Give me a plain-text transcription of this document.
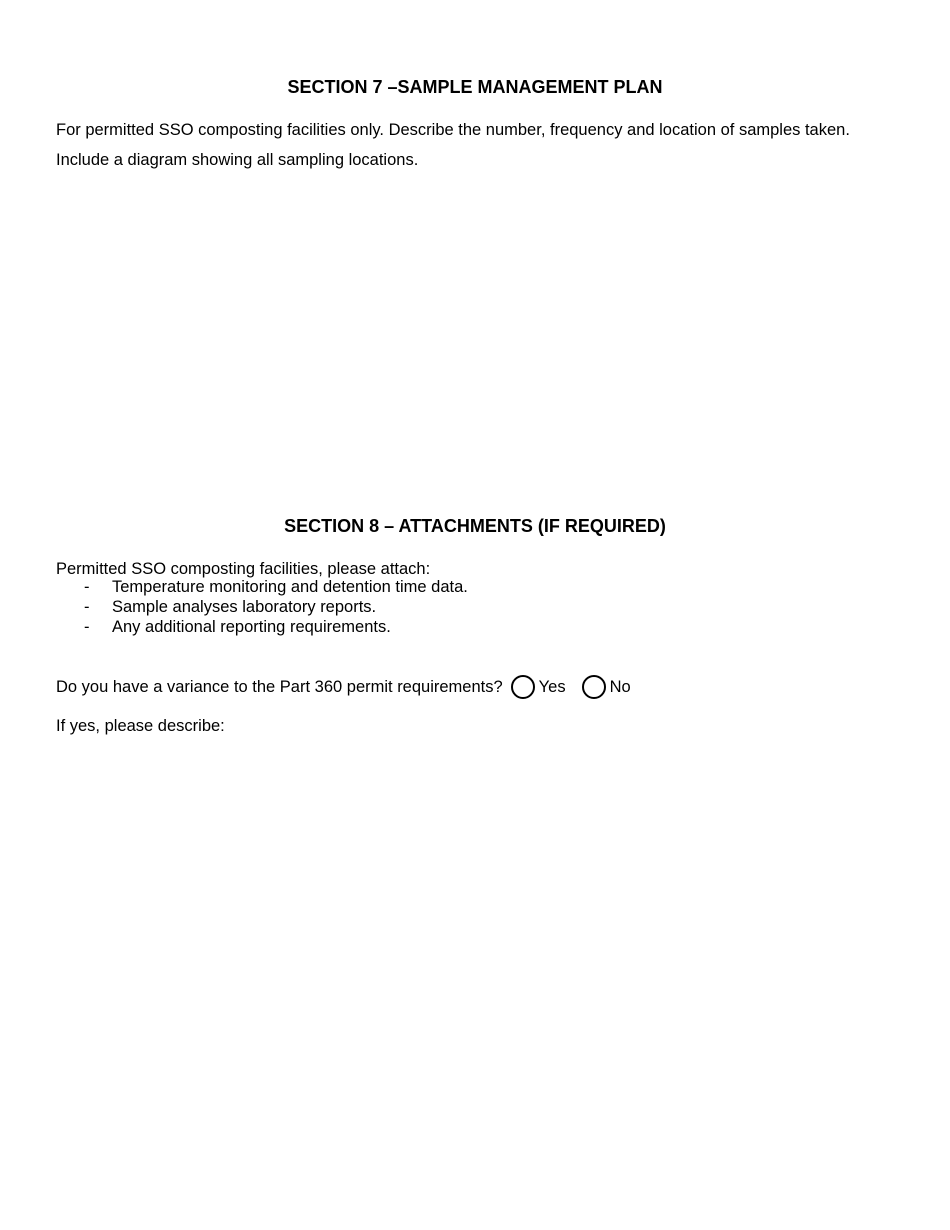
SECTION 7 –SAMPLE MANAGEMENT PLAN

For permitted SSO composting facilities only. Describe the number, frequency and location of samples taken.

Include a diagram showing all sampling locations.

SECTION 8 – ATTACHMENTS (IF REQUIRED)

Permitted SSO composting facilities, please attach:

-	Temperature monitoring and detention time data.
-	Sample analyses laboratory reports.
-	Any additional reporting requirements.
Do you have a variance to the Part 360 permit requirements? Yes	No

If yes, please describe:
